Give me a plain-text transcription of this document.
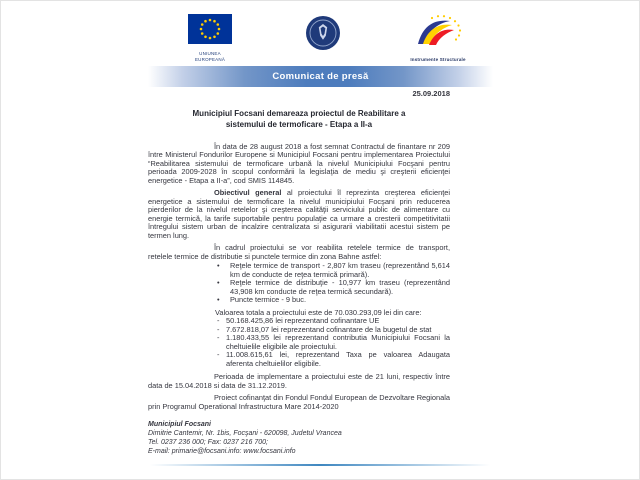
UNIUNEA EUROPEANĂ	Instrumente Structurale
Comunicat de presă
25.09.2018
Municipiul Focsani demareaza proiectul de Reabilitare a
sistemului de termoficare - Etapa a II-a

În data de 28 august 2018 a fost semnat Contractul de finantare nr 209 între Ministerul Fondurilor Europene si Municipiul Focsani pentru implementarea Proiectului “Reabilitarea sistemului de termoficare urbană la nivelul Municipiului Focşani pentru perioada 2009-2028 în scopul conformării la legislaţia de mediu şi creşterii eficienţei energetice - Etapa a II-a”, cod SMIS 114845.

Obiectivul general al proiectului îl reprezinta creşterea eficienţei energetice a sistemului de termoficare la nivelul municipiului Focşani prin reducerea pierderilor de la nivelul retelelor şi creşterea calităţii serviciului public de alimentare cu energie termică, la tarife suportabile pentru populaţie ca urmare a cresterii competitivitatii întregului sistem urban de incalzire centralizata si asigurarii viabilitatii acestui sistem pe termen lung.

În cadrul proiectului se vor reabilita retelele termice de transport, retelele termice de distributie si punctele termice din zona Bahne astfel:

• Reţele termice de transport - 2,807 km traseu (reprezentând 5,614 km de conducte de reţea termică primară).
• Reţele termice de distribuţie - 10,977 km traseu (reprezentând 43,908 km conducte de reţea termică secundară).
• Puncte termice - 9 buc.

Valoarea totala a proiectului este de 70.030.293,09 lei din care:

- 50.168.425,86 lei reprezentand cofinantare UE
- 7.672.818,07 lei reprezentand cofinantare de la bugetul de stat
- 1.180.433,55 lei reprezentand contributia Municipiului Focsani la cheltuielile eligibile ale proiectului.
- 11.008.615,61 lei, reprezentand Taxa pe valoarea Adaugata aferenta cheltuielilor eligibile.

Perioada de implementare a proiectului este de 21 luni, respectiv între data de 15.04.2018 si data de 31.12.2019.

Proiect cofinanţat din Fondul Fondul European de Dezvoltare Regionala prin Programul Operational Infrastructura Mare 2014-2020

Municipiul Focsani
Dimitrie Cantemir, Nr. 1bis, Focşani - 620098, Judetul Vrancea
Tel. 0237 236 000; Fax: 0237 216 700;
E-mail: primarie@focsani.info: www.focsani.info
